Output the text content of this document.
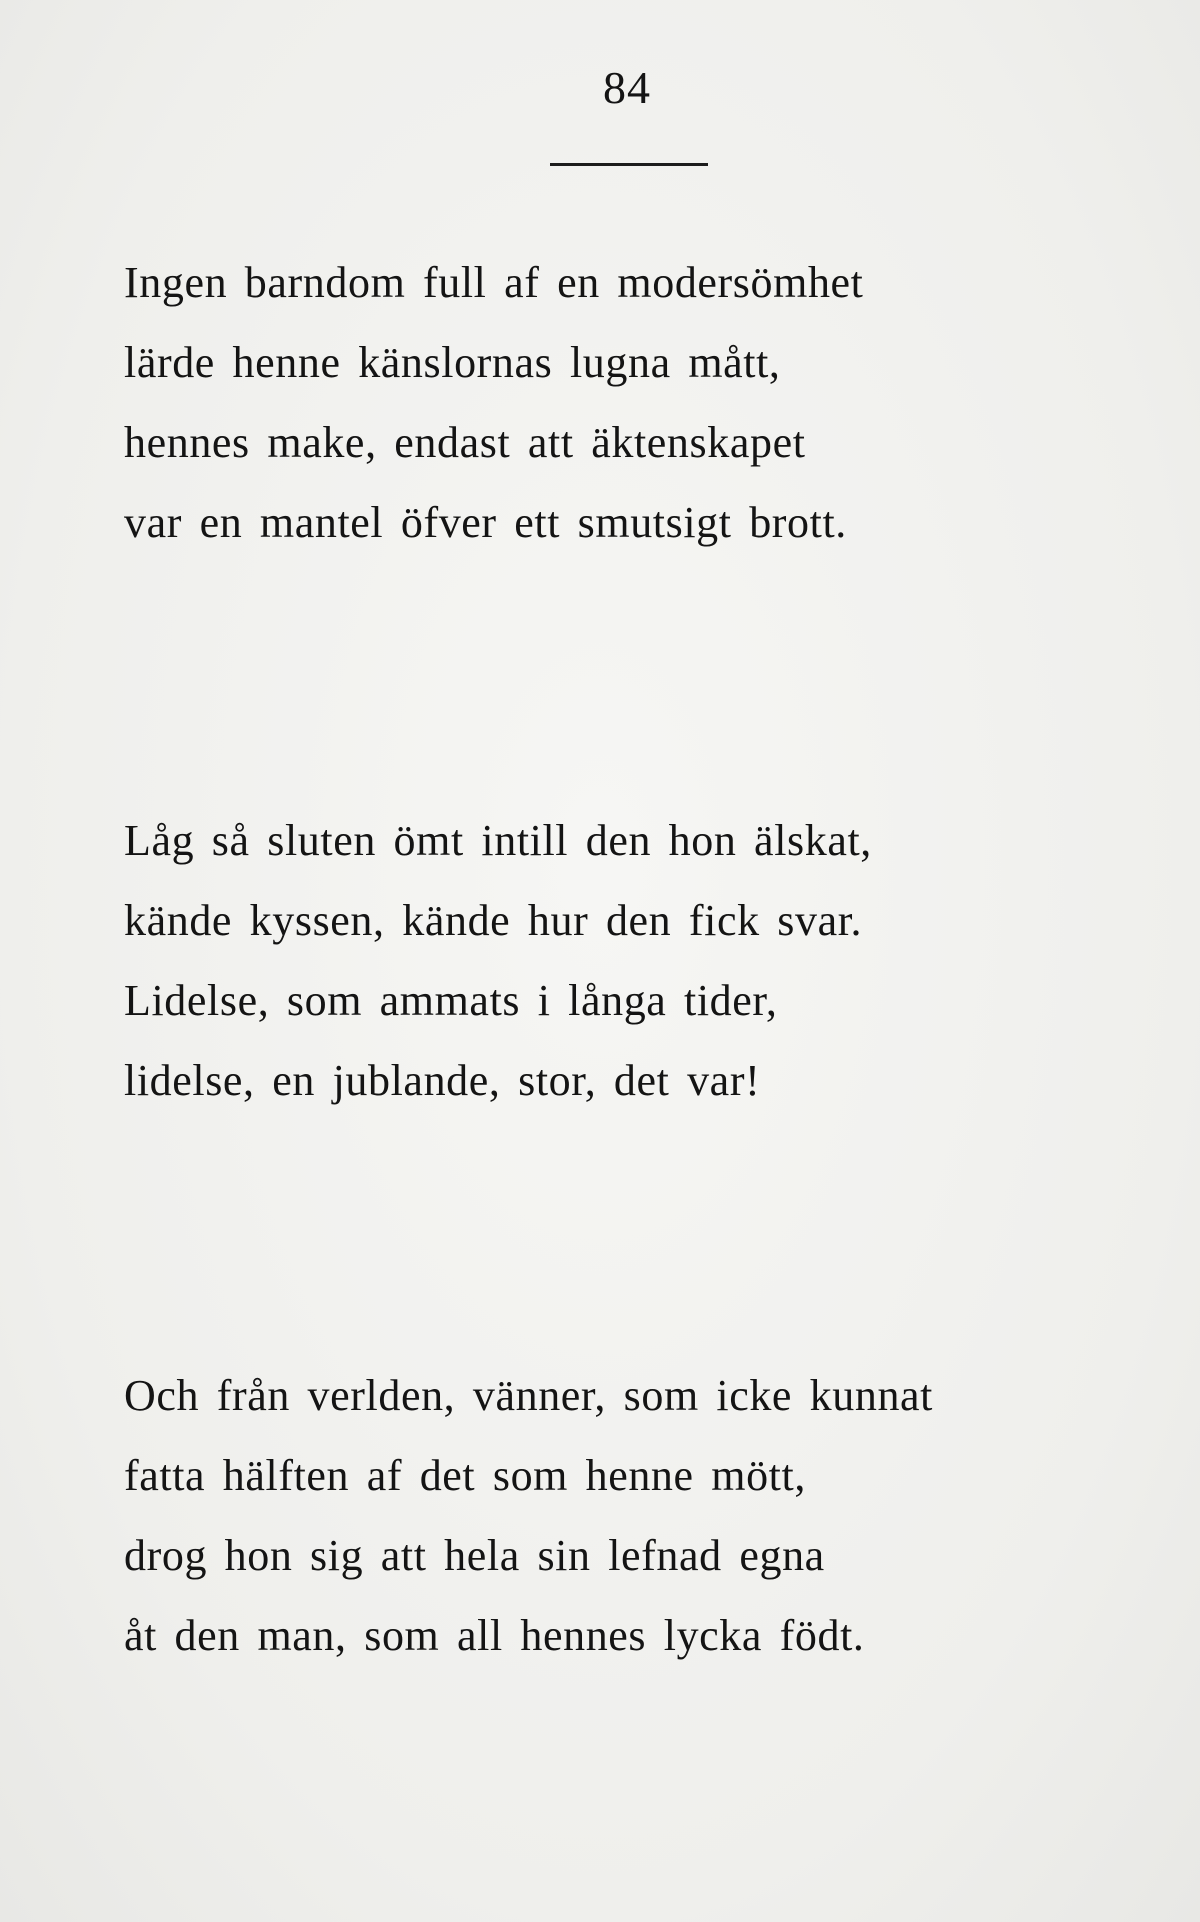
84
Ingen barndom full af en modersömhet
lärde henne känslornas lugna mått,
hennes make, endast att äktenskapet
var en mantel öfver ett smutsigt brott.
Låg så sluten ömt intill den hon älskat,
kände kyssen, kände hur den fick svar.
Lidelse, som ammats i långa tider,
lidelse, en jublande, stor, det var!
Och från verlden, vänner, som icke kunnat
fatta hälften af det som henne mött,
drog hon sig att hela sin lefnad egna
åt den man, som all hennes lycka födt.
